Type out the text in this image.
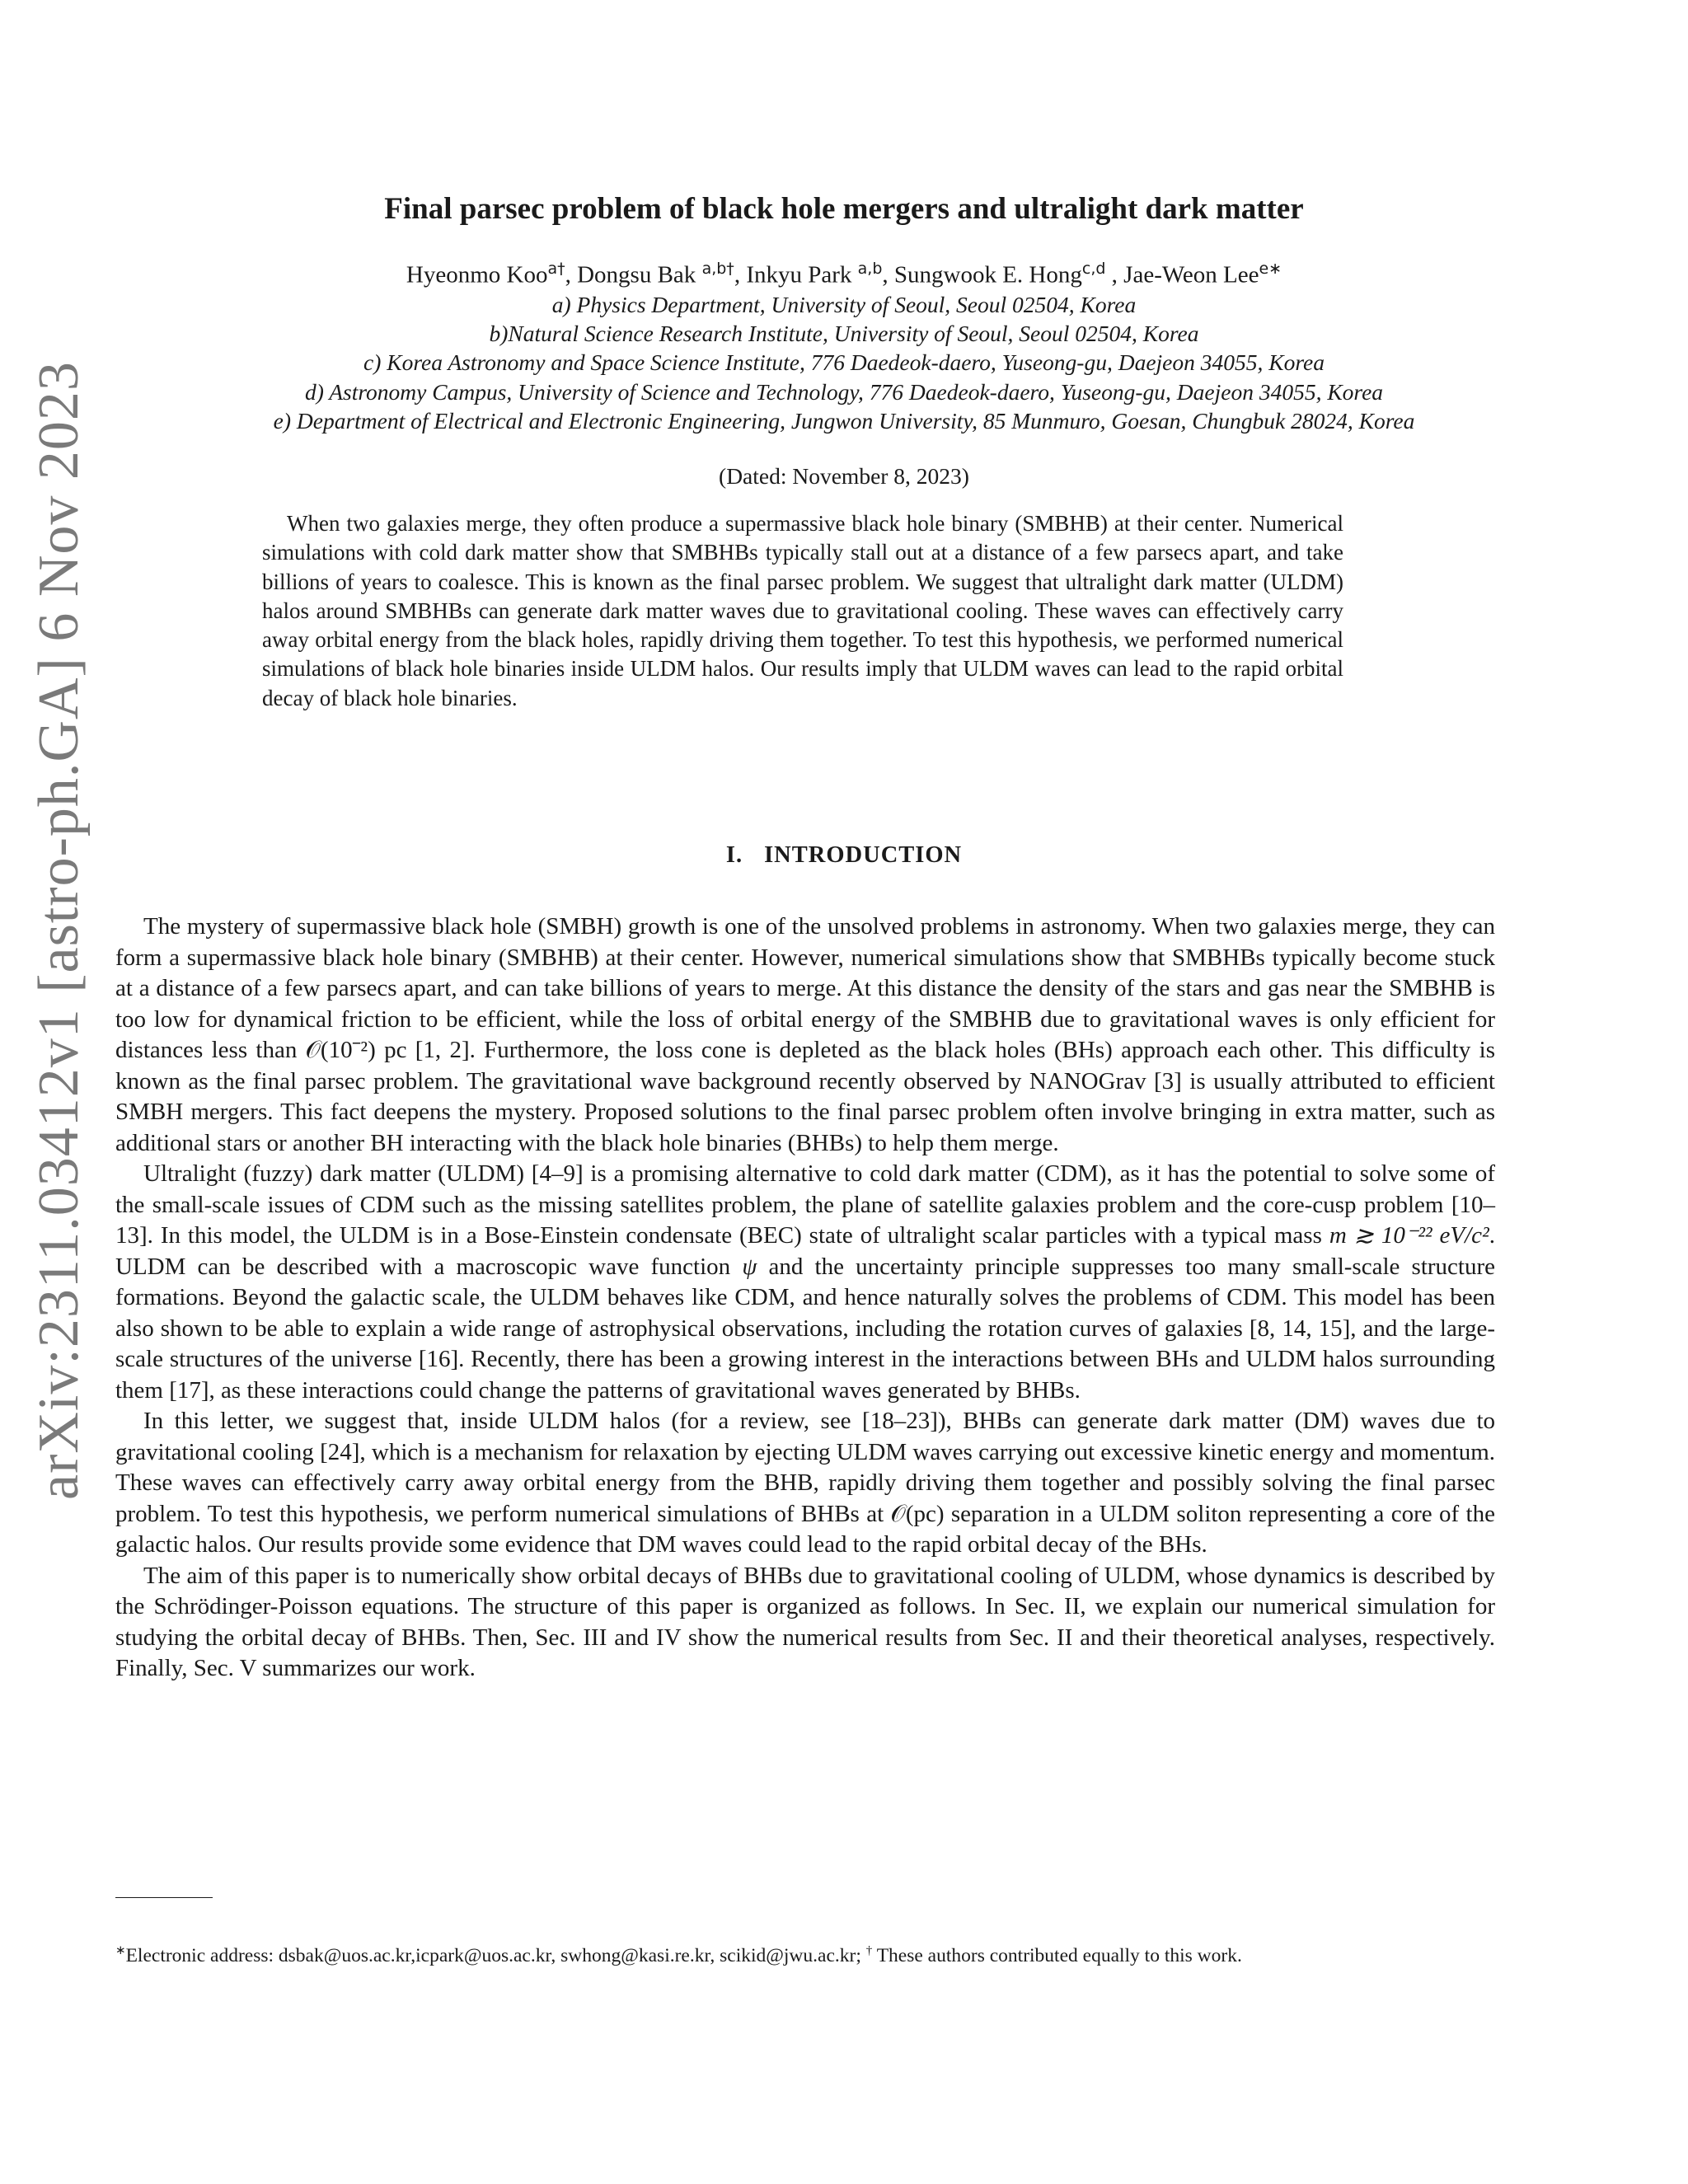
arXiv:2311.03412v1 [astro-ph.GA] 6 Nov 2023
Final parsec problem of black hole mergers and ultralight dark matter
Hyeonmo Koo$^{a\dagger}$, Dongsu Bak $^{a,b\dagger}$, Inkyu Park $^{a,b}$, Sungwook E. Hong$^{c,d}$ , Jae-Weon Lee$^{e∗}$
a) Physics Department, University of Seoul, Seoul 02504, Korea
b)Natural Science Research Institute, University of Seoul, Seoul 02504, Korea
c) Korea Astronomy and Space Science Institute, 776 Daedeok-daero, Yuseong-gu, Daejeon 34055, Korea
d) Astronomy Campus, University of Science and Technology, 776 Daedeok-daero, Yuseong-gu, Daejeon 34055, Korea
e) Department of Electrical and Electronic Engineering, Jungwon University, 85 Munmuro, Goesan, Chungbuk 28024, Korea
(Dated: November 8, 2023)

When two galaxies merge, they often produce a supermassive black hole binary (SMBHB) at their center. Numerical simulations with cold dark matter show that SMBHBs typically stall out at a distance of a few parsecs apart, and take billions of years to coalesce. This is known as the final parsec problem. We suggest that ultralight dark matter (ULDM) halos around SMBHBs can generate dark matter waves due to gravitational cooling. These waves can effectively carry away orbital energy from the black holes, rapidly driving them together. To test this hypothesis, we performed numerical simulations of black hole binaries inside ULDM halos. Our results imply that ULDM waves can lead to the rapid orbital decay of black hole binaries.

I. INTRODUCTION

The mystery of supermassive black hole (SMBH) growth is one of the unsolved problems in astronomy. When two galaxies merge, they can form a supermassive black hole binary (SMBHB) at their center. However, numerical simulations show that SMBHBs typically become stuck at a distance of a few parsecs apart, and can take billions of years to merge. At this distance the density of the stars and gas near the SMBHB is too low for dynamical friction to be efficient, while the loss of orbital energy of the SMBHB due to gravitational waves is only efficient for distances less than 𝒪(10⁻²) pc [1, 2]. Furthermore, the loss cone is depleted as the black holes (BHs) approach each other. This difficulty is known as the final parsec problem. The gravitational wave background recently observed by NANOGrav [3] is usually attributed to efficient SMBH mergers. This fact deepens the mystery. Proposed solutions to the final parsec problem often involve bringing in extra matter, such as additional stars or another BH interacting with the black hole binaries (BHBs) to help them merge.

Ultralight (fuzzy) dark matter (ULDM) [4–9] is a promising alternative to cold dark matter (CDM), as it has the potential to solve some of the small-scale issues of CDM such as the missing satellites problem, the plane of satellite galaxies problem and the core-cusp problem [10–13]. In this model, the ULDM is in a Bose-Einstein condensate (BEC) state of ultralight scalar particles with a typical mass m ≳ 10⁻²² eV/c². ULDM can be described with a macroscopic wave function ψ and the uncertainty principle suppresses too many small-scale structure formations. Beyond the galactic scale, the ULDM behaves like CDM, and hence naturally solves the problems of CDM. This model has been also shown to be able to explain a wide range of astrophysical observations, including the rotation curves of galaxies [8, 14, 15], and the large-scale structures of the universe [16]. Recently, there has been a growing interest in the interactions between BHs and ULDM halos surrounding them [17], as these interactions could change the patterns of gravitational waves generated by BHBs.

In this letter, we suggest that, inside ULDM halos (for a review, see [18–23]), BHBs can generate dark matter (DM) waves due to gravitational cooling [24], which is a mechanism for relaxation by ejecting ULDM waves carrying out excessive kinetic energy and momentum. These waves can effectively carry away orbital energy from the BHB, rapidly driving them together and possibly solving the final parsec problem. To test this hypothesis, we perform numerical simulations of BHBs at 𝒪(pc) separation in a ULDM soliton representing a core of the galactic halos. Our results provide some evidence that DM waves could lead to the rapid orbital decay of the BHs.

The aim of this paper is to numerically show orbital decays of BHBs due to gravitational cooling of ULDM, whose dynamics is described by the Schrödinger-Poisson equations. The structure of this paper is organized as follows. In Sec. II, we explain our numerical simulation for studying the orbital decay of BHBs. Then, Sec. III and IV show the numerical results from Sec. II and their theoretical analyses, respectively. Finally, Sec. V summarizes our work.

∗Electronic address: dsbak@uos.ac.kr,icpark@uos.ac.kr, swhong@kasi.re.kr, scikid@jwu.ac.kr; † These authors contributed equally to this work.
